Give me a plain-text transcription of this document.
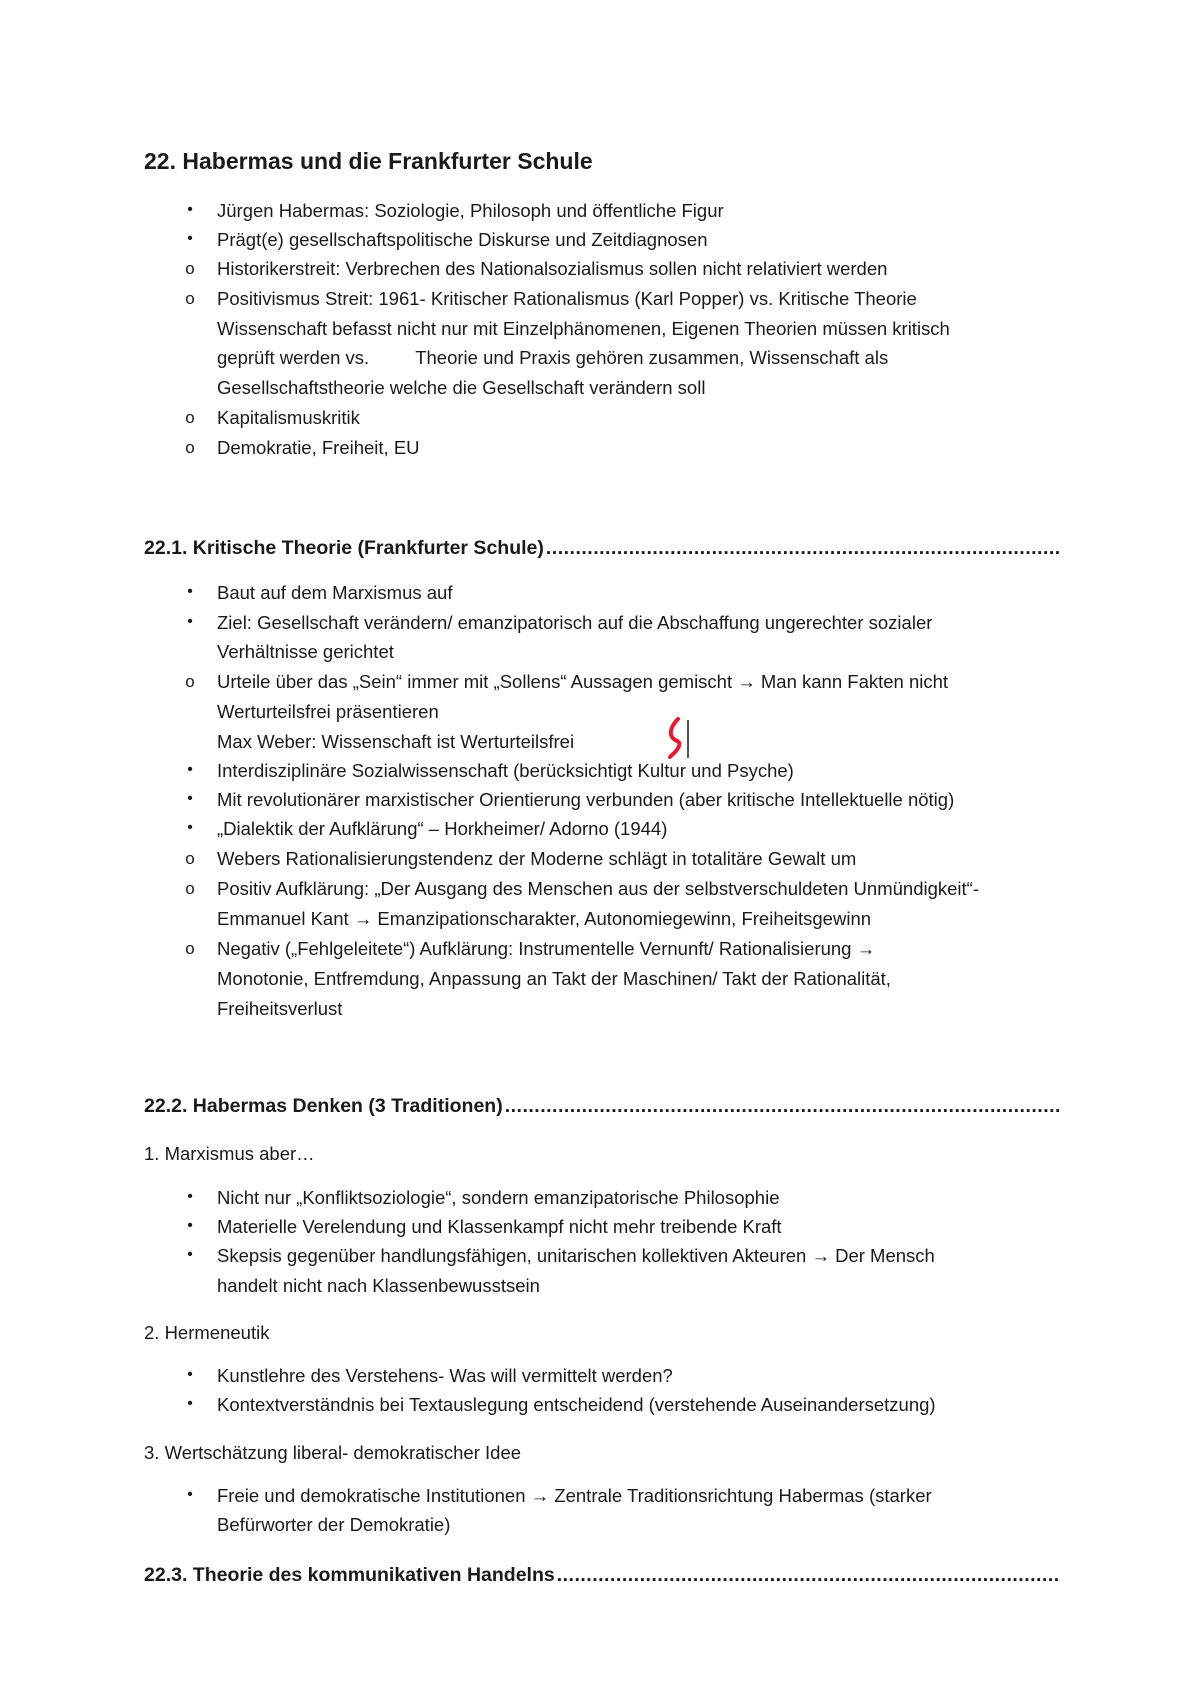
22. Habermas und die Frankfurter Schule
• Jürgen Habermas: Soziologie, Philosoph und öffentliche Figur
• Prägt(e) gesellschaftspolitische Diskurse und Zeitdiagnosen
o Historikerstreit: Verbrechen des Nationalsozialismus sollen nicht relativiert werden
o Positivismus Streit: 1961- Kritischer Rationalismus (Karl Popper) vs. Kritische Theorie
Wissenschaft befasst nicht nur mit Einzelphänomenen, Eigenen Theorien müssen kritisch
geprüft werden vs. Theorie und Praxis gehören zusammen, Wissenschaft als
Gesellschaftstheorie welche die Gesellschaft verändern soll
o Kapitalismuskritik
o Demokratie, Freiheit, EU
22.1. Kritische Theorie (Frankfurter Schule)
.....
• Baut auf dem Marxismus auf
• Ziel: Gesellschaft verändern/ emanzipatorisch auf die Abschaffung ungerechter sozialer
Verhältnisse gerichtet
o Urteile über das „Sein“ immer mit „Sollens“ Aussagen gemischt → Man kann Fakten nicht
Werturteilsfrei präsentieren
Max Weber: Wissenschaft ist Werturteilsfrei
• Interdisziplinäre Sozialwissenschaft (berücksichtigt Kultur und Psyche)
• Mit revolutionärer marxistischer Orientierung verbunden (aber kritische Intellektuelle nötig)
• „Dialektik der Aufklärung“ – Horkheimer/ Adorno (1944)
o Webers Rationalisierungstendenz der Moderne schlägt in totalitäre Gewalt um
o Positiv Aufklärung: „Der Ausgang des Menschen aus der selbstverschuldeten Unmündigkeit“-
Emmanuel Kant → Emanzipationscharakter, Autonomiegewinn, Freiheitsgewinn
o Negativ („Fehlgeleitete“) Aufklärung: Instrumentelle Vernunft/ Rationalisierung →
Monotonie, Entfremdung, Anpassung an Takt der Maschinen/ Takt der Rationalität,
Freiheitsverlust
22.2. Habermas Denken (3 Traditionen)
.....
1. Marxismus aber…
• Nicht nur „Konfliktsoziologie“, sondern emanzipatorische Philosophie
• Materielle Verelendung und Klassenkampf nicht mehr treibende Kraft
• Skepsis gegenüber handlungsfähigen, unitarischen kollektiven Akteuren → Der Mensch
handelt nicht nach Klassenbewusstsein
2. Hermeneutik
• Kunstlehre des Verstehens- Was will vermittelt werden?
• Kontextverständnis bei Textauslegung entscheidend (verstehende Auseinandersetzung)
3. Wertschätzung liberal- demokratischer Idee
• Freie und demokratische Institutionen → Zentrale Traditionsrichtung Habermas (starker
Befürworter der Demokratie)
22.3. Theorie des kommunikativen Handelns
.....
